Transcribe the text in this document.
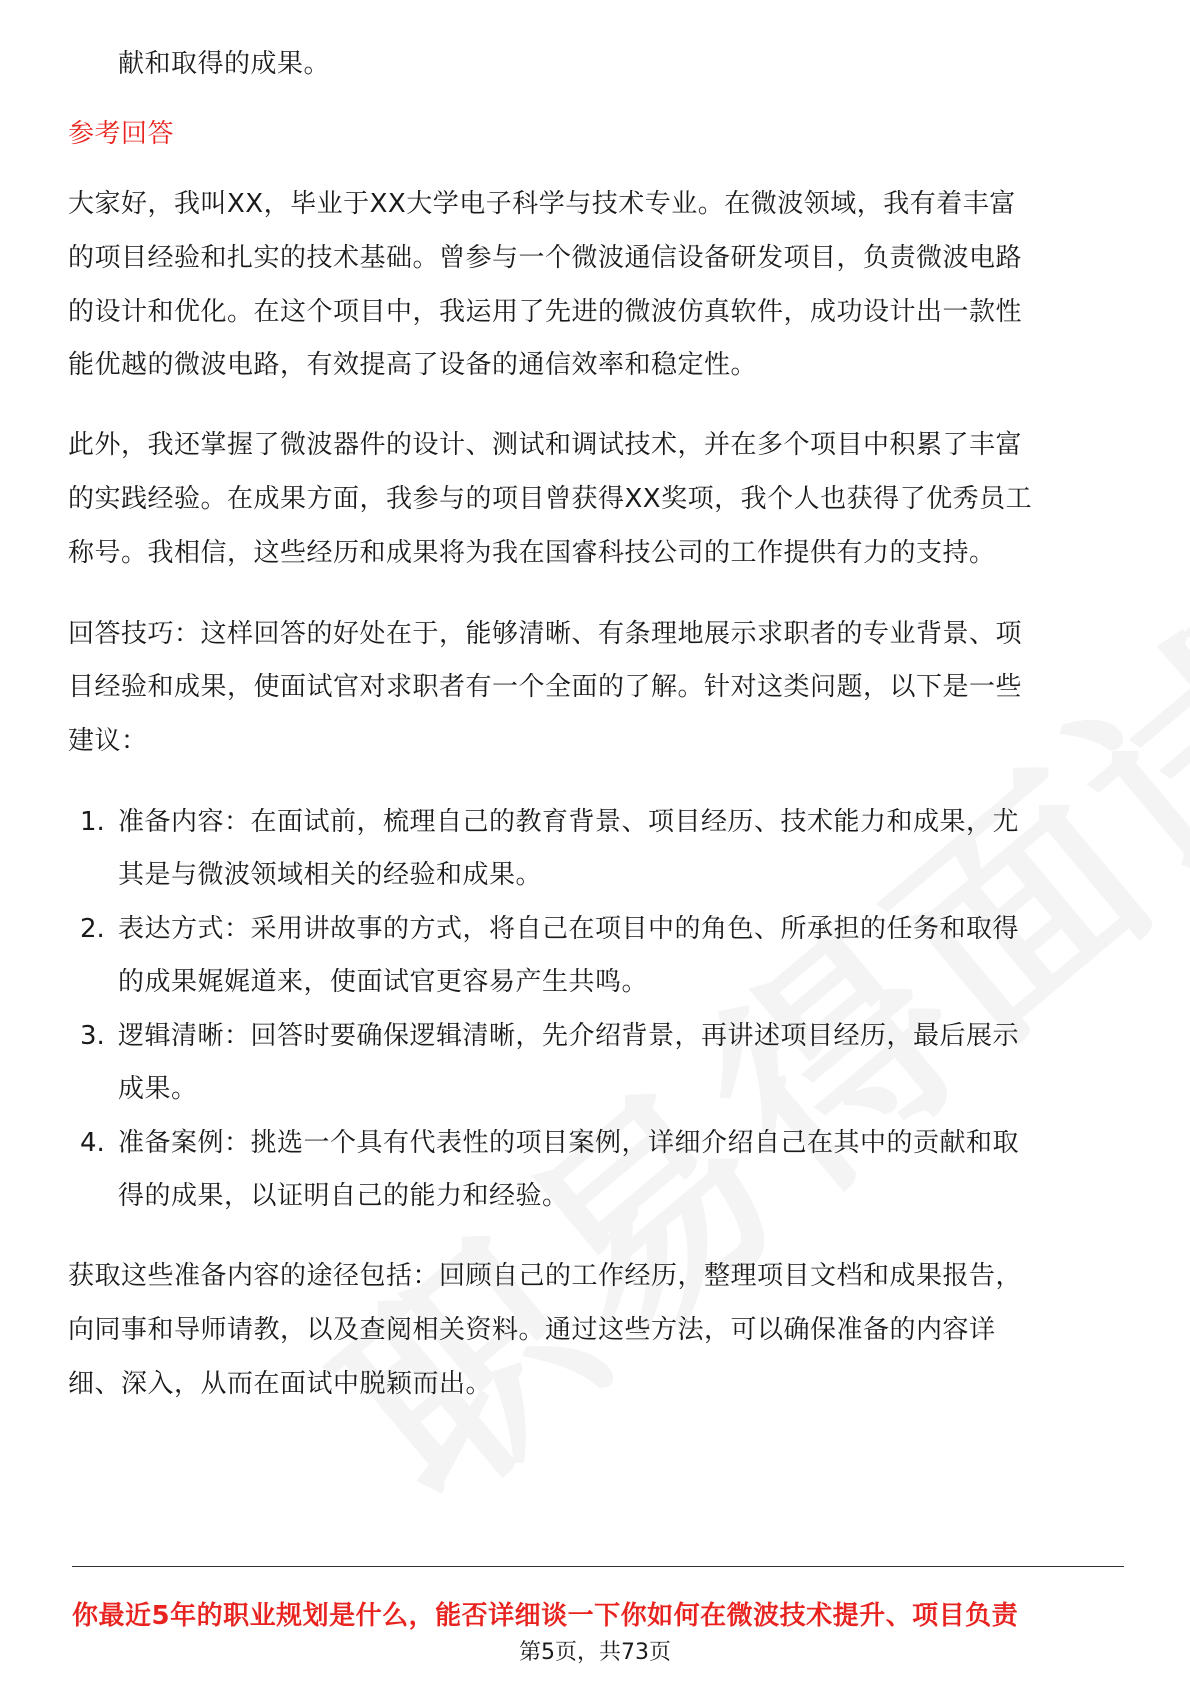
献和取得的成果。
参考回答
大家好，我叫XX，毕业于XX大学电子科学与技术专业。在微波领域，我有着丰富
的项目经验和扎实的技术基础。曾参与一个微波通信设备研发项目，负责微波电路
的设计和优化。在这个项目中，我运用了先进的微波仿真软件，成功设计出一款性
能优越的微波电路，有效提高了设备的通信效率和稳定性。
此外，我还掌握了微波器件的设计、测试和调试技术，并在多个项目中积累了丰富
的实践经验。在成果方面，我参与的项目曾获得XX奖项，我个人也获得了优秀员工
称号。我相信，这些经历和成果将为我在国睿科技公司的工作提供有力的支持。
回答技巧：这样回答的好处在于，能够清晰、有条理地展示求职者的专业背景、项
目经验和成果，使面试官对求职者有一个全面的了解。针对这类问题，以下是一些
建议：
1. 准备内容：在面试前，梳理自己的教育背景、项目经历、技术能力和成果，尤
其是与微波领域相关的经验和成果。
2. 表达方式：采用讲故事的方式，将自己在项目中的角色、所承担的任务和取得
的成果娓娓道来，使面试官更容易产生共鸣。
3. 逻辑清晰：回答时要确保逻辑清晰，先介绍背景，再讲述项目经历，最后展示
成果。
4. 准备案例：挑选一个具有代表性的项目案例，详细介绍自己在其中的贡献和取
得的成果，以证明自己的能力和经验。
获取这些准备内容的途径包括：回顾自己的工作经历，整理项目文档和成果报告，
向同事和导师请教，以及查阅相关资料。通过这些方法，可以确保准备的内容详
细、深入，从而在面试中脱颖而出。
你最近5年的职业规划是什么，能否详细谈一下你如何在微波技术提升、项目负责
第5页，共73页
